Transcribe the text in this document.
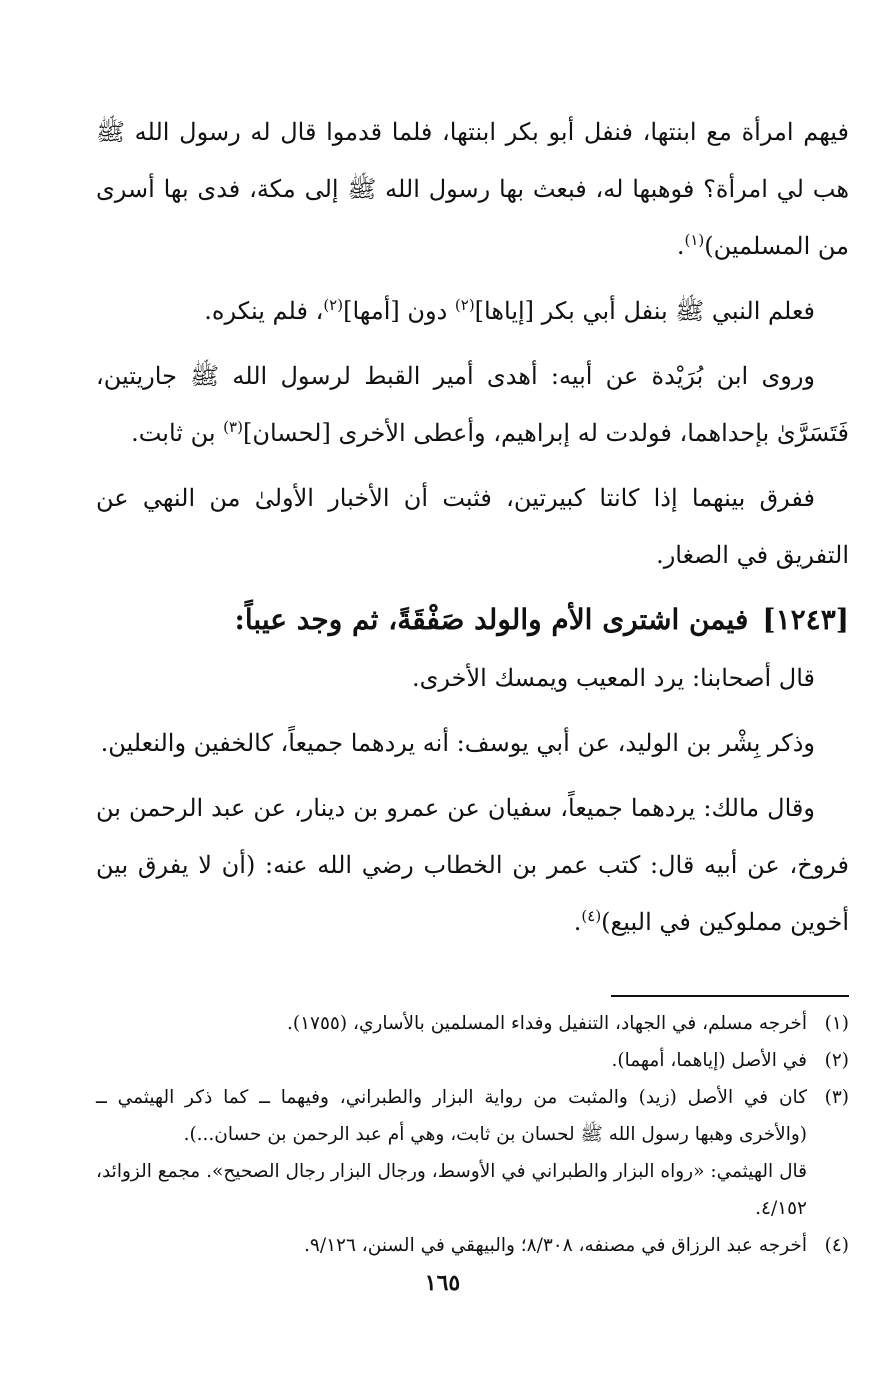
فيهم امرأة مع ابنتها، فنفل أبو بكر ابنتها، فلما قدموا قال له رسول الله ﷺ هب لي امرأة؟ فوهبها له، فبعث بها رسول الله ﷺ إلى مكة، فدى بها أسرى من المسلمين)$^{(١)}$.

فعلم النبي ﷺ بنفل أبي بكر [إياها]$^{(٢)}$ دون [أمها]$^{(٢)}$، فلم ينكره.

وروى ابن بُرَيْدة عن أبيه: أهدى أمير القبط لرسول الله ﷺ جاريتين، فَتَسَرَّىٰ بإحداهما، فولدت له إبراهيم، وأعطى الأخرى [لحسان]$^{(٣)}$ بن ثابت.

ففرق بينهما إذا كانتا كبيرتين، فثبت أن الأخبار الأولىٰ من النهي عن التفريق في الصغار.

[١٢٤٣]فيمن اشترى الأم والولد صَفْقَةً، ثم وجد عيباً:

قال أصحابنا: يرد المعيب ويمسك الأخرى.

وذكر بِشْر بن الوليد، عن أبي يوسف: أنه يردهما جميعاً، كالخفين والنعلين.

وقال مالك: يردهما جميعاً، سفيان عن عمرو بن دينار، عن عبد الرحمن بن فروخ، عن أبيه قال: كتب عمر بن الخطاب رضي الله عنه: (أن لا يفرق بين أخوين مملوكين في البيع)$^{(٤)}$.

(١)
أخرجه مسلم، في الجهاد، التنفيل وفداء المسلمين بالأساري، (١٧٥٥).
(٢)
في الأصل (إياهما، أمهما).
(٣)
كان في الأصل (زيد) والمثبت من رواية البزار والطبراني، وفيهما ــ كما ذكر الهيثمي ــ (والأخرى وهبها رسول الله ﷺ لحسان بن ثابت، وهي أم عبد الرحمن بن حسان...).
قال الهيثمي: «رواه البزار والطبراني في الأوسط، ورجال البزار رجال الصحيح». مجمع الزوائد، ٤/١٥٢.
(٤)
أخرجه عبد الرزاق في مصنفه، ٨/٣٠٨؛ والبيهقي في السنن، ٩/١٢٦.
١٦٥
